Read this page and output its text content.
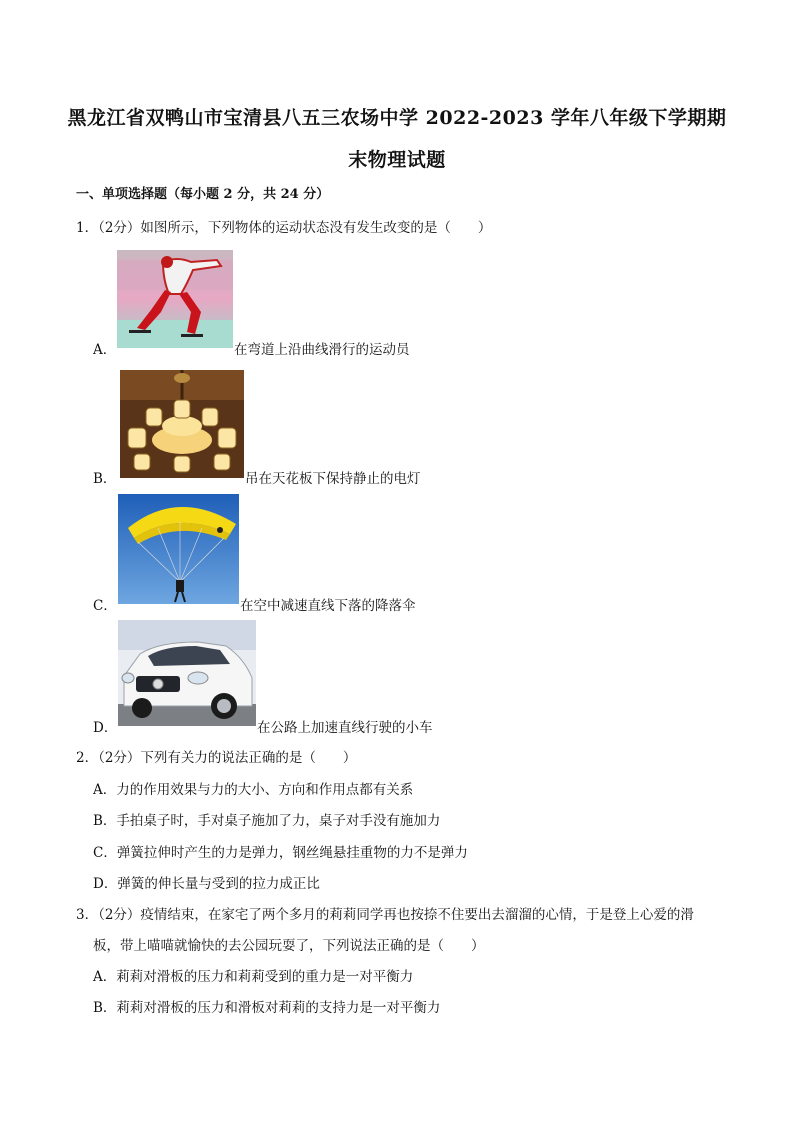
黑龙江省双鸭山市宝清县八五三农场中学 2022-2023 学年八年级下学期期
末物理试题
一、单项选择题（每小题 2 分，共 24 分）
1．（2分）如图所示，下列物体的运动状态没有发生改变的是（　　）
A．	在弯道上沿曲线滑行的运动员
B．	吊在天花板下保持静止的电灯
C．	在空中减速直线下落的降落伞
D．	在公路上加速直线行驶的小车
2．（2分）下列有关力的说法正确的是（　　）
A．力的作用效果与力的大小、方向和作用点都有关系
B．手拍桌子时，手对桌子施加了力，桌子对手没有施加力
C．弹簧拉伸时产生的力是弹力，钢丝绳悬挂重物的力不是弹力
D．弹簧的伸长量与受到的拉力成正比
3．（2分）疫情结束，在家宅了两个多月的莉莉同学再也按捺不住要出去溜溜的心情，于是登上心爱的滑
板，带上喵喵就愉快的去公园玩耍了，下列说法正确的是（　　）
A．莉莉对滑板的压力和莉莉受到的重力是一对平衡力
B．莉莉对滑板的压力和滑板对莉莉的支持力是一对平衡力
